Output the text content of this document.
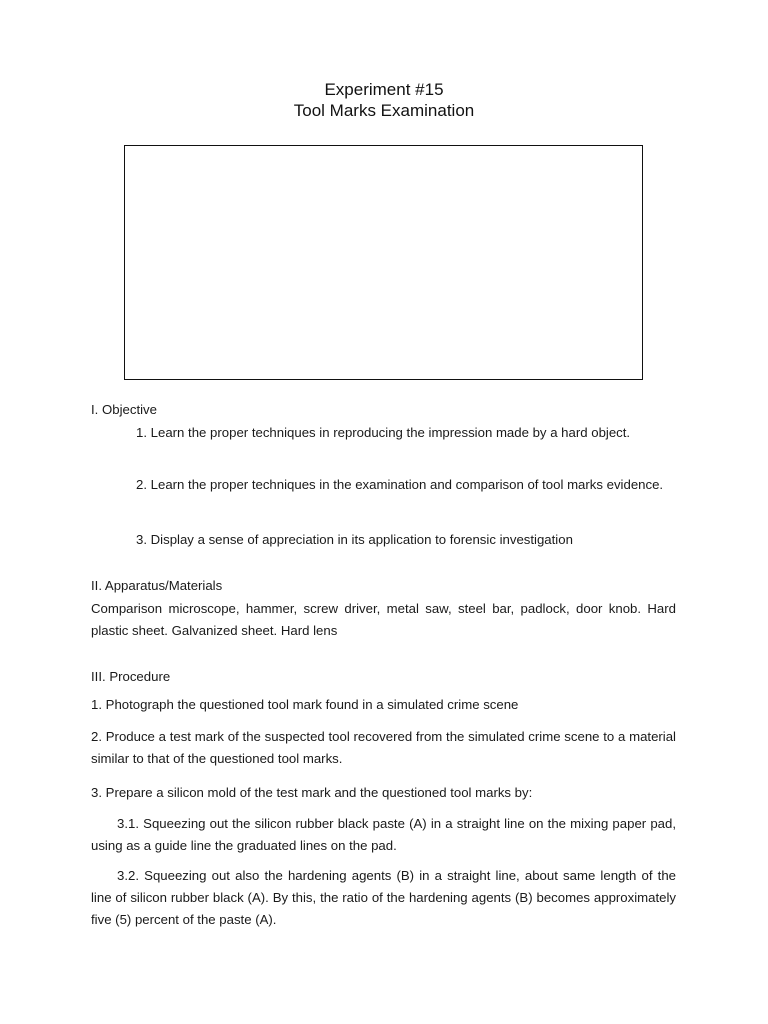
Experiment #15
Tool Marks Examination
I. Objective
1. Learn the proper techniques in reproducing the impression made by a hard object.
2. Learn the proper techniques in the examination and comparison of tool marks evidence.
3. Display a sense of appreciation in its application to forensic investigation
II. Apparatus/Materials
Comparison microscope, hammer, screw driver, metal saw, steel bar, padlock, door knob. Hard plastic sheet. Galvanized sheet. Hard lens
III. Procedure
1. Photograph the questioned tool mark found in a simulated crime scene
2. Produce a test mark of the suspected tool recovered from the simulated crime scene to a material similar to that of the questioned tool marks.
3. Prepare a silicon mold of the test mark and the questioned tool marks by:
3.1. Squeezing out the silicon rubber black paste (A) in a straight line on the mixing paper pad, using as a guide line the graduated lines on the pad.
3.2. Squeezing out also the hardening agents (B) in a straight line, about same length of the line of silicon rubber black (A). By this, the ratio of the hardening agents (B) becomes approximately five (5) percent of the paste (A).
